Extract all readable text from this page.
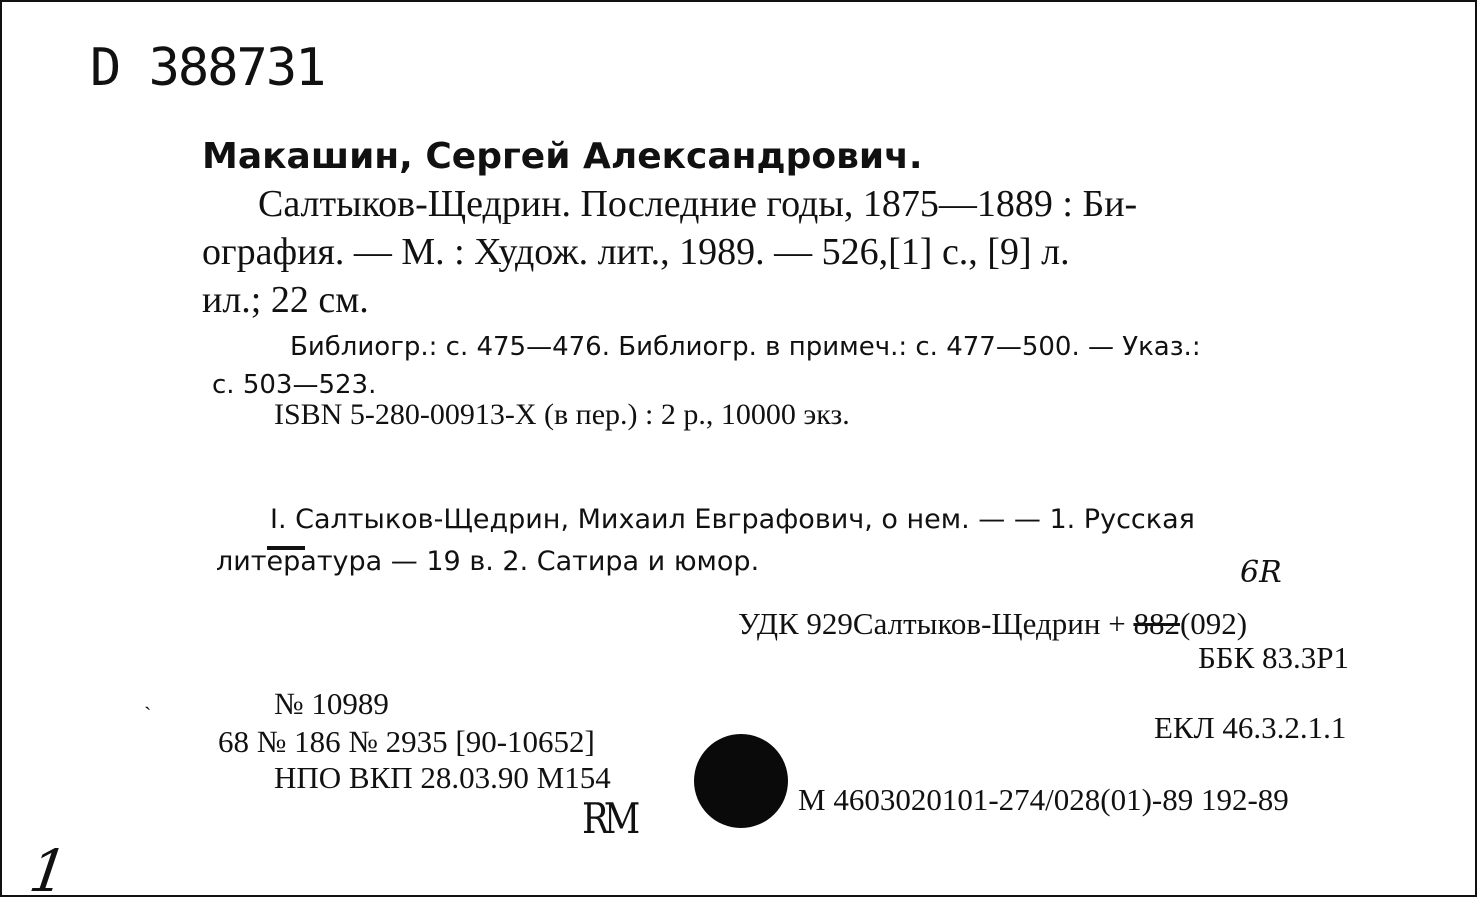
D 388731
Макашин, Сергей Александрович.
Салтыков-Щедрин. Последние годы, 1875—1889 : Би-
ография. — М. : Худож. лит., 1989. — 526,[1] с., [9] л.
ил.; 22 см.
Библиогр.: с. 475—476. Библиогр. в примеч.: с. 477—500. — Указ.:
с. 503—523.
ISBN 5-280-00913-X (в пер.) : 2 р., 10000 экз.
I. Салтыков-Щедрин, Михаил Евграфович, о нем. — — 1. Русская
литература — 19 в. 2. Сатира и юмор.	6R
УДК 929Салтыков-Щедрин + 882(092)
ББК 83.3Р1
ˋ	№ 10989
68 № 186 № 2935 [90-10652]
НПО ВКП 28.03.90 М154
ЕКЛ 46.3.2.1.1
М 4603020101-274/028(01)-89 192-89
RM
1
